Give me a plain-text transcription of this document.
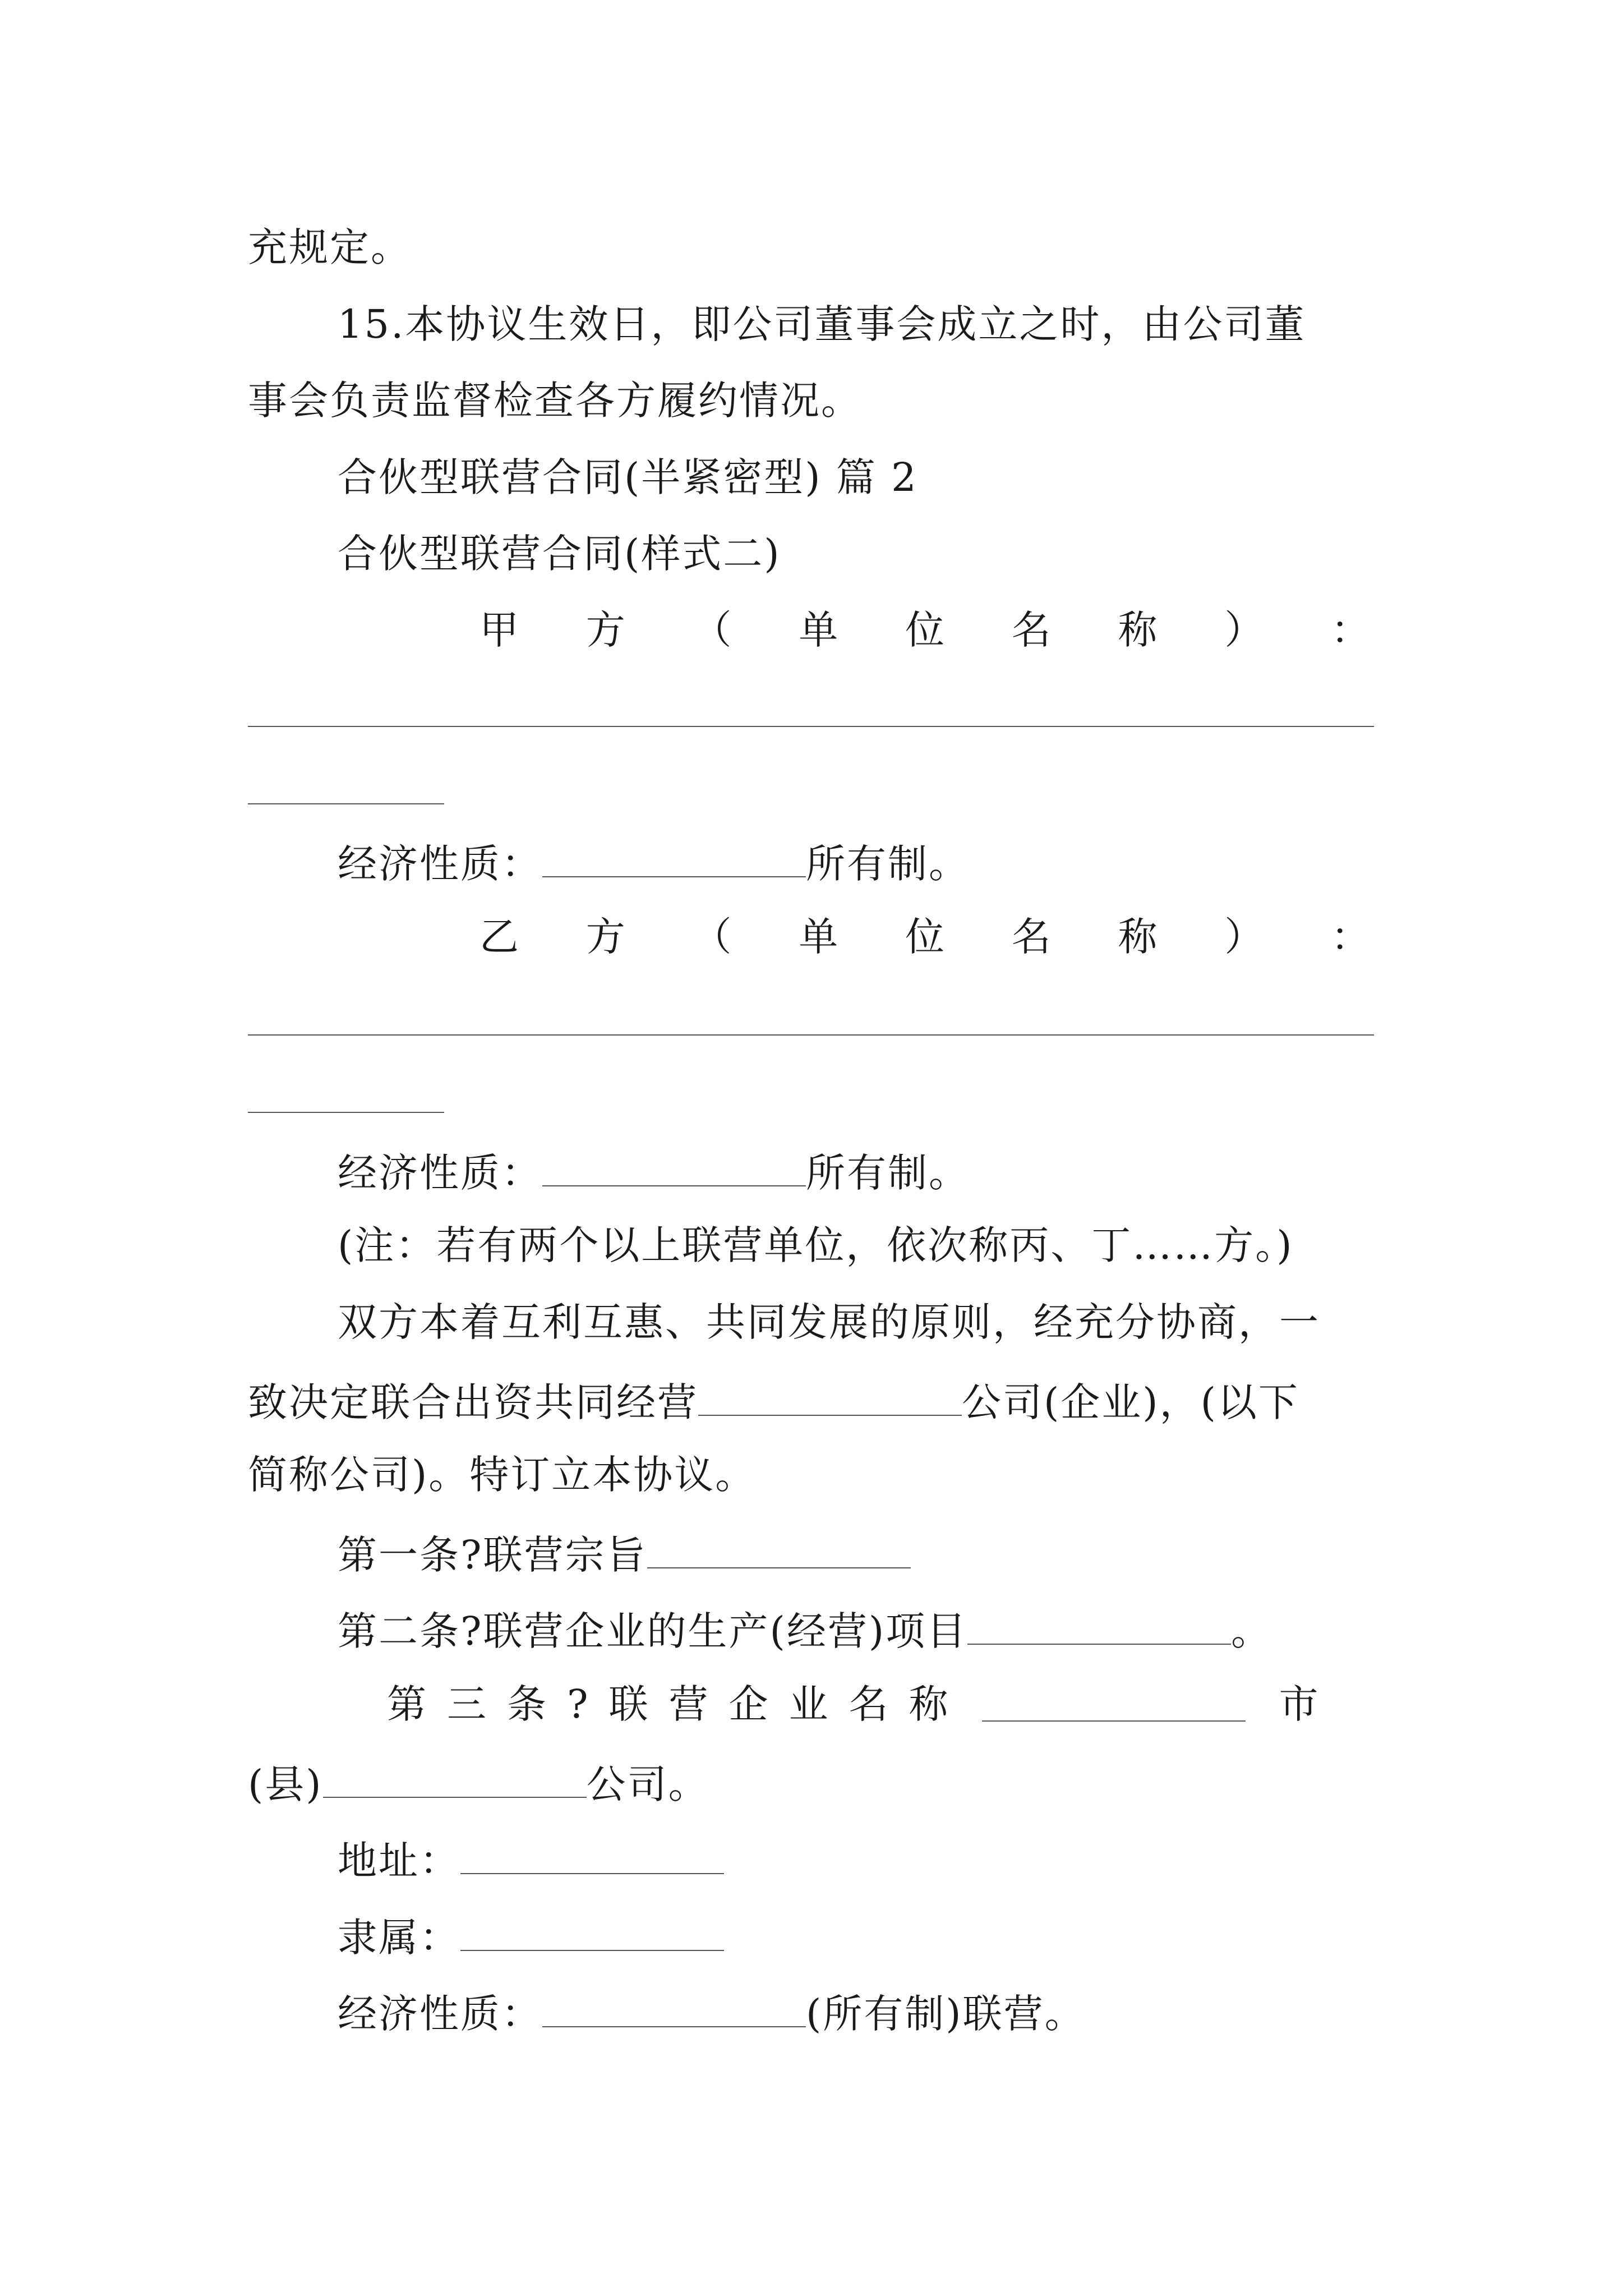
充规定。
15.本协议生效日，即公司董事会成立之时，由公司董
事会负责监督检查各方履约情况。
合伙型联营合同(半紧密型) 篇 2
合伙型联营合同(样式二)
甲 方 （ 单 位 名 称 ） ：
经济性质：	所有制。
乙 方 （ 单 位 名 称 ） ：
经济性质：	所有制。
(注：若有两个以上联营单位，依次称丙、丁……方。)
双方本着互利互惠、共同发展的原则，经充分协商，一
致决定联合出资共同经营	公司(企业)，(以下
简称公司)。特订立本协议。
第一条?联营宗旨
第二条?联营企业的生产(经营)项目	。
第 三 条 ? 联 营 企 业 名 称	市
(县)	公司。
地址：
隶属：
经济性质：	(所有制)联营。
